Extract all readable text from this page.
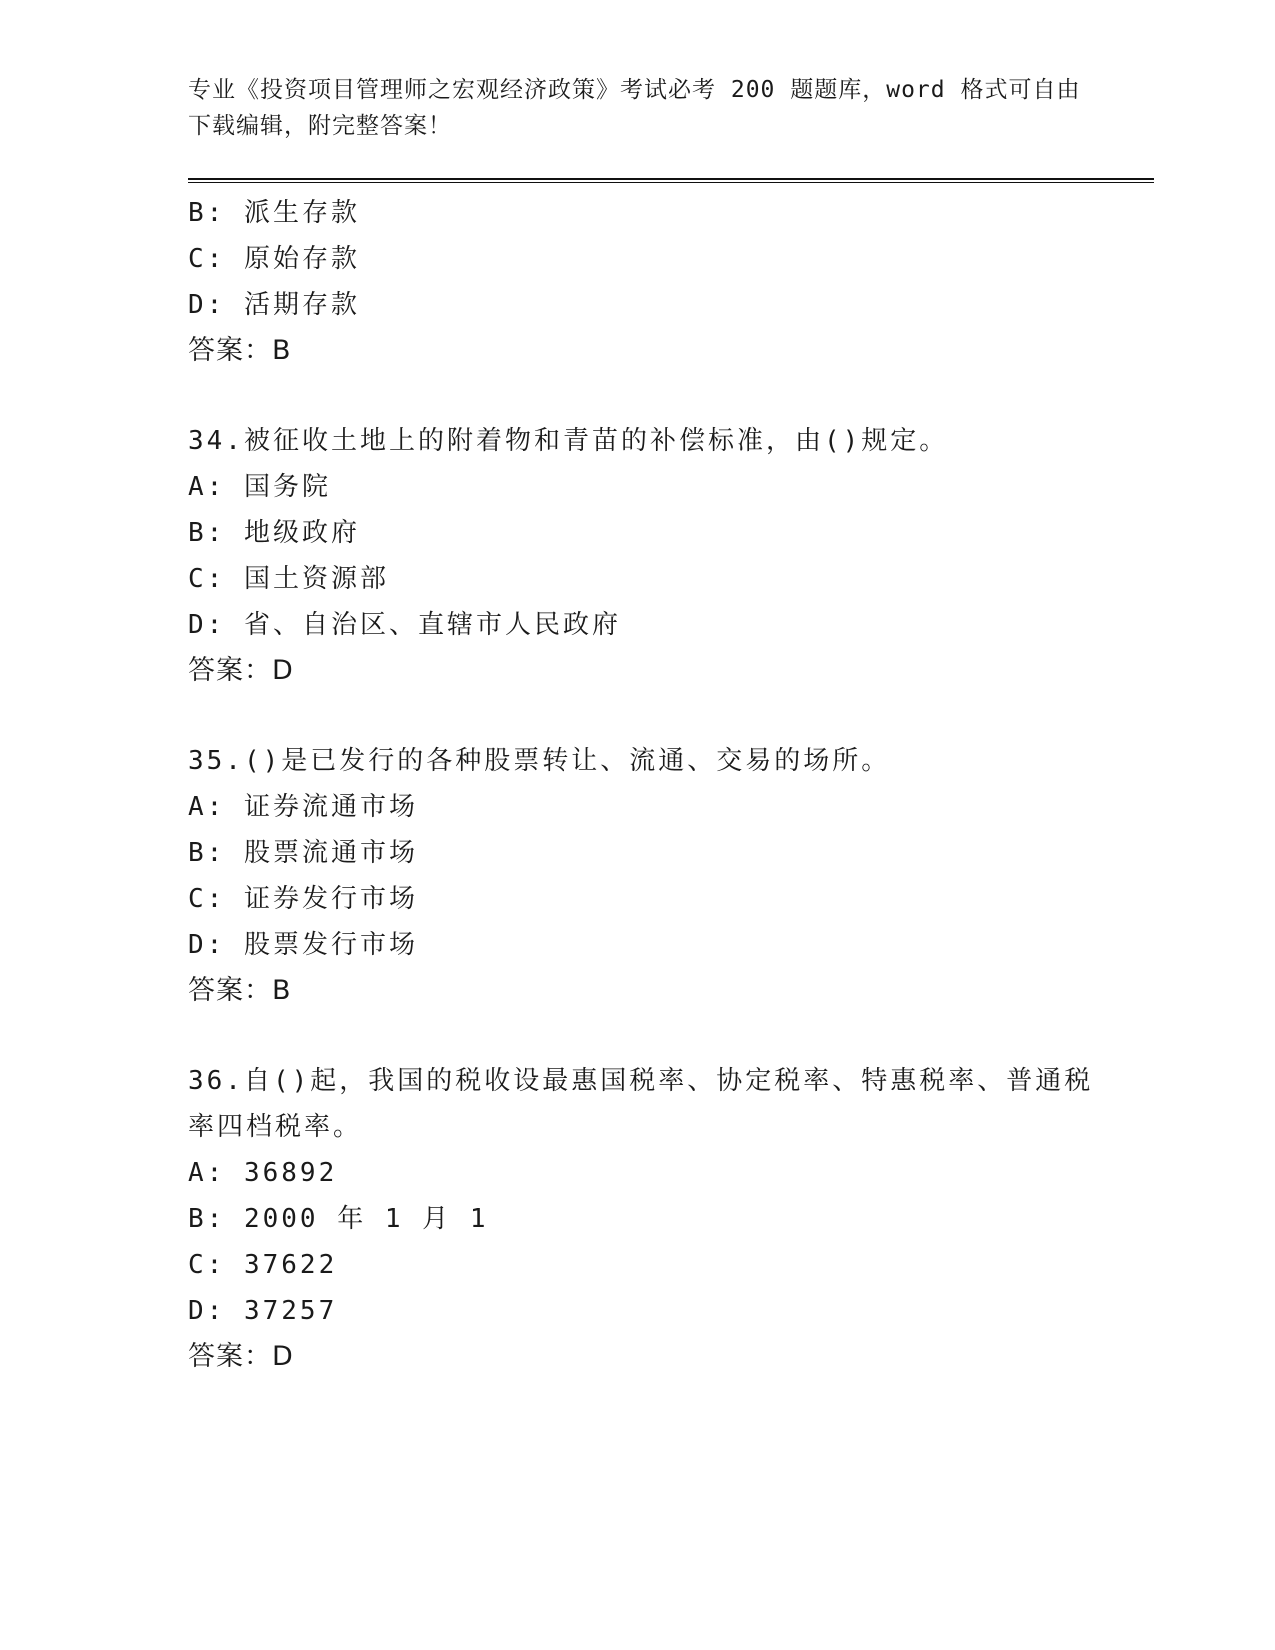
专业《投资项目管理师之宏观经济政策》考试必考 200 题题库，word 格式可自由
下载编辑，附完整答案！
B: 派生存款
C: 原始存款
D: 活期存款
答案：B
34.被征收土地上的附着物和青苗的补偿标准，由()规定。
A: 国务院
B: 地级政府
C: 国土资源部
D: 省、自治区、直辖市人民政府
答案：D
35.()是已发行的各种股票转让、流通、交易的场所。
A: 证券流通市场
B: 股票流通市场
C: 证券发行市场
D: 股票发行市场
答案：B
36.自()起，我国的税收设最惠国税率、协定税率、特惠税率、普通税
率四档税率。
A: 36892
B: 2000 年 1 月 1
C: 37622
D: 37257
答案：D
